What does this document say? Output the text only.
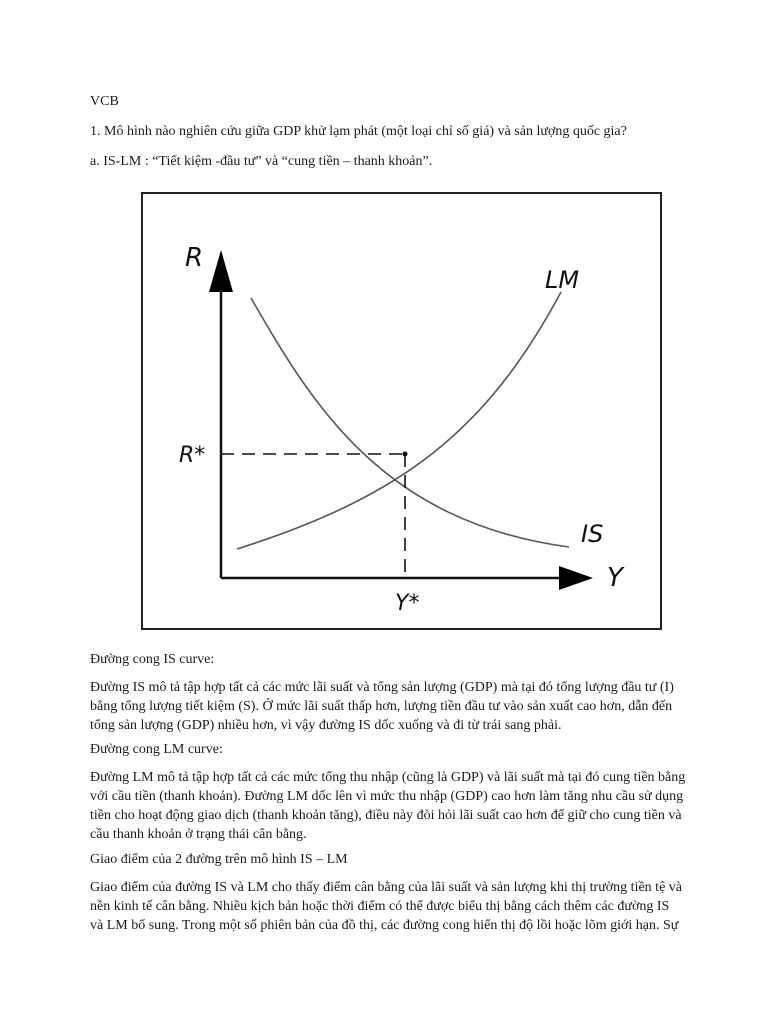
VCB
1. Mô hình nào nghiên cứu giữa GDP khử lạm phát (một loại chỉ số giá) và sản lượng quốc gia?
a. IS-LM : “Tiết kiệm -đầu tư” và “cung tiền – thanh khoản”.
R
Y
LM
IS
R*
Y*
Đường cong IS curve:
Đường IS mô tả tập hợp tất cả các mức lãi suất và tổng sản lượng (GDP) mà tại đó tổng lượng đầu tư (I)
bằng tổng lượng tiết kiệm (S). Ở mức lãi suất thấp hơn, lượng tiền đầu tư vào sản xuất cao hơn, dẫn đến
tổng sản lượng (GDP) nhiều hơn, vì vậy đường IS dốc xuống và đi từ trái sang phải.
Đường cong LM curve:
Đường LM mô tả tập hợp tất cả các mức tổng thu nhập (cũng là GDP) và lãi suất mà tại đó cung tiền bằng
với cầu tiền (thanh khoản). Đường LM dốc lên vì mức thu nhập (GDP) cao hơn làm tăng nhu cầu sử dụng
tiền cho hoạt động giao dịch (thanh khoản tăng), điều này đòi hỏi lãi suất cao hơn để giữ cho cung tiền và
cầu thanh khoản ở trạng thái cân bằng.
Giao điểm của 2 đường trên mô hình IS – LM
Giao điểm của đường IS và LM cho thấy điểm cân bằng của lãi suất và sản lượng khi thị trường tiền tệ và
nền kinh tế cân bằng. Nhiều kịch bản hoặc thời điểm có thể được biểu thị bằng cách thêm các đường IS
và LM bổ sung. Trong một số phiên bản của đồ thị, các đường cong hiển thị độ lồi hoặc lõm giới hạn. Sự
